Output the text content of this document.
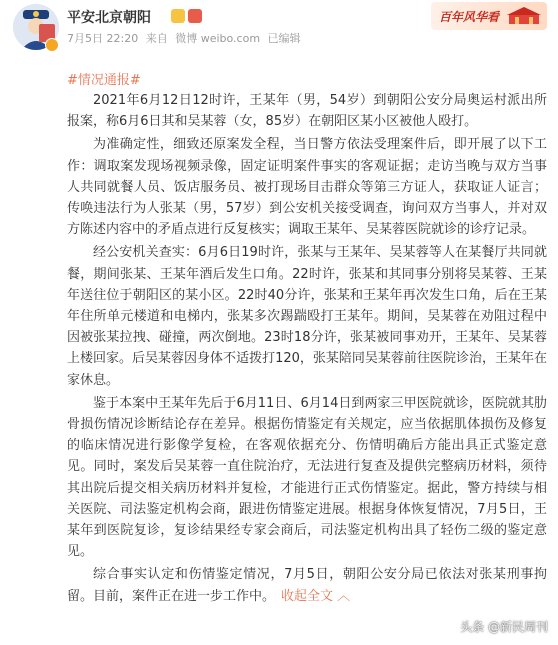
平安北京朝阳
7月5日 22:20 来自 微博 weibo.com 已编辑
百年风华看
#情况通报#

2021年6月12日12时许，王某年（男，54岁）到朝阳公安分局奥运村派出所报案，称6月6日其和吴某蓉（女，85岁）在朝阳区某小区被他人殴打。

为准确定性，细致还原案发全程，当日警方依法受理案件后，即开展了以下工作：调取案发现场视频录像，固定证明案件事实的客观证据；走访当晚与双方当事人共同就餐人员、饭店服务员、被打现场目击群众等第三方证人，获取证人证言；传唤违法行为人张某（男，57岁）到公安机关接受调查，询问双方当事人，并对双方陈述内容中的矛盾点进行反复核实；调取王某年、吴某蓉医院就诊的诊疗记录。

经公安机关查实：6月6日19时许，张某与王某年、吴某蓉等人在某餐厅共同就餐，期间张某、王某年酒后发生口角。22时许，张某和其同事分别将吴某蓉、王某年送往位于朝阳区的某小区。22时40分许，张某和王某年再次发生口角，后在王某年住所单元楼道和电梯内，张某多次踢踹殴打王某年。期间，吴某蓉在劝阻过程中因被张某拉拽、碰撞，两次倒地。23时18分许，张某被同事劝开，王某年、吴某蓉上楼回家。后吴某蓉因身体不适拨打120，张某陪同吴某蓉前往医院诊治，王某年在家休息。

鉴于本案中王某年先后于6月11日、6月14日到两家三甲医院就诊，医院就其肋骨损伤情况诊断结论存在差异。根据伤情鉴定有关规定，应当依据肌体损伤及修复的临床情况进行影像学复检，在客观依据充分、伤情明确后方能出具正式鉴定意见。同时，案发后吴某蓉一直住院治疗，无法进行复查及提供完整病历材料，须待其出院后提交相关病历材料并复检，才能进行正式伤情鉴定。据此，警方持续与相关医院、司法鉴定机构会商，跟进伤情鉴定进展。根据身体恢复情况，7月5日，王某年到医院复诊，复诊结果经专家会商后，司法鉴定机构出具了轻伤二级的鉴定意见。

综合事实认定和伤情鉴定情况，7月5日，朝阳公安分局已依法对张某刑事拘留。目前，案件正在进一步工作中。 收起全文 ︿

头条 @新民周刊
